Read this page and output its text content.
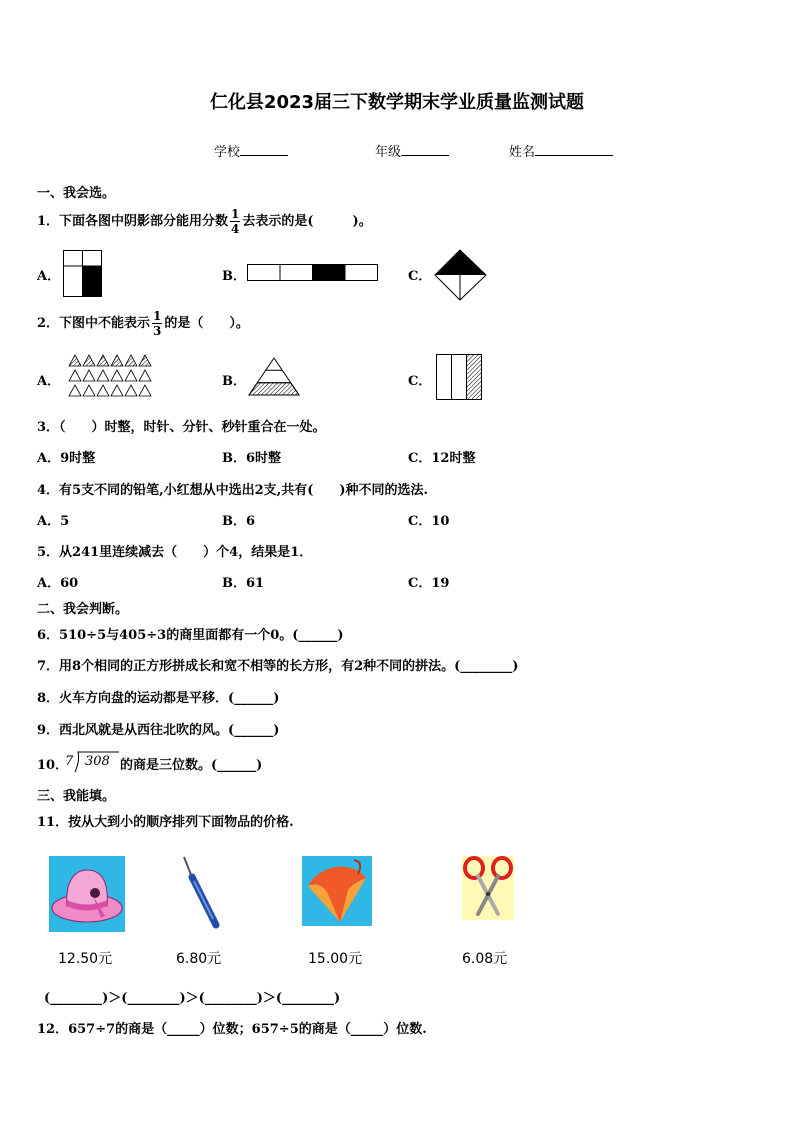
仁化县2023届三下数学期末学业质量监测试题
学校	年级	姓名
一、我会选。
1．下面各图中阴影部分能用分数 $\frac{1}{4}$ 去表示的是(　　　)。
A．	B．	C．
2．下图中不能表示 $\frac{1}{3}$ 的是（　　）。
A．	B．	C．
3．（　　）时整，时针、分针、秒针重合在一处。
A．9时整	B．6时整	C．12时整
4．有5支不同的铅笔,小红想从中选出2支,共有(　　)种不同的选法.
A．5	B．6	C．10
5．从241里连续减去（　　）个4，结果是1．
A．60	B．61	C．19
二、我会判断。
6．510÷5与405÷3的商里面都有一个0。(______)
7．用8个相同的正方形拼成长和宽不相等的长方形，有2种不同的拼法。(________)
8．火车方向盘的运动都是平移．(______)
9．西北风就是从西往北吹的风。(______)
10．
7 308 的商是三位数。(______)
三、我能填。
11．按从大到小的顺序排列下面物品的价格.
12.50元	6.80元	15.00元	6.08元
(________)＞(________)＞(________)＞(________)
12．657÷7的商是（_____）位数；657÷5的商是（_____）位数.
